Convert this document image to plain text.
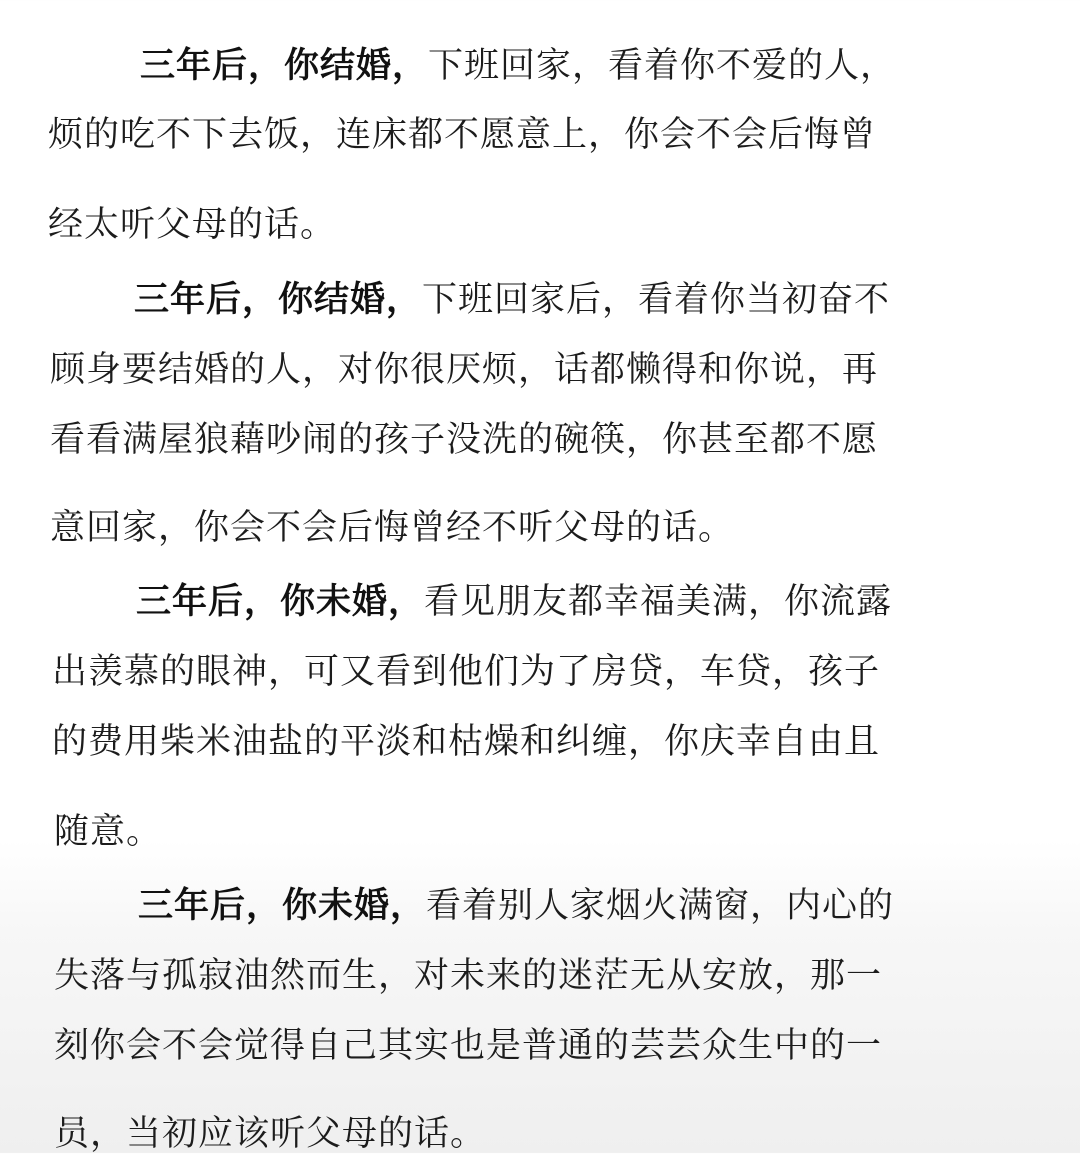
三年后，你结婚，下班回家，看着你不爱的人，
烦的吃不下去饭，连床都不愿意上，你会不会后悔曾
经太听父母的话。
三年后，你结婚，下班回家后，看着你当初奋不
顾身要结婚的人，对你很厌烦，话都懒得和你说，再
看看满屋狼藉吵闹的孩子没洗的碗筷，你甚至都不愿
意回家，你会不会后悔曾经不听父母的话。
三年后，你未婚，看见朋友都幸福美满，你流露
出羡慕的眼神，可又看到他们为了房贷，车贷，孩子
的费用柴米油盐的平淡和枯燥和纠缠，你庆幸自由且
随意。
三年后，你未婚，看着别人家烟火满窗，内心的
失落与孤寂油然而生，对未来的迷茫无从安放，那一
刻你会不会觉得自己其实也是普通的芸芸众生中的一
员，当初应该听父母的话。
